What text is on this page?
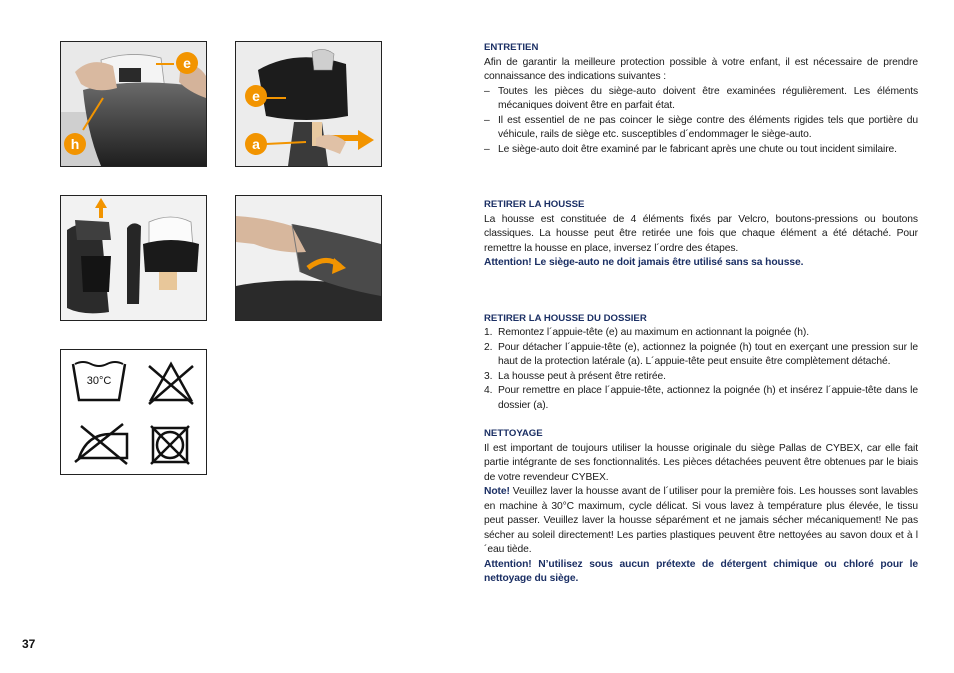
e
h
e
a
30°C
ENTRETIEN

Afin de garantir la meilleure protection possible à votre enfant, il est nécessaire de prendre connaissance des indications suivantes :

– Toutes les pièces du siège-auto doivent être examinées régulièrement. Les éléments mécaniques doivent être en parfait état.
– Il est essentiel de ne pas coincer le siège contre des éléments rigides tels que portière du véhicule, rails de siège etc. susceptibles d´endommager le siège-auto.
– Le siège-auto doit être examiné par le fabricant après une chute ou tout incident similaire.
RETIRER LA HOUSSE

La housse est constituée de 4 éléments fixés par Velcro, boutons-pressions ou boutons classiques. La housse peut être retirée une fois que chaque élément a été détaché. Pour remettre la housse en place, inversez l´ordre des étapes.

Attention! Le siège-auto ne doit jamais être utilisé sans sa housse.

RETIRER LA HOUSSE DU DOSSIER
1. Remontez l´appuie-tête (e) au maximum en actionnant la poignée (h).
2. Pour détacher l´appuie-tête (e), actionnez la poignée (h) tout en exerçant une pression sur le haut de la protection latérale (a). L´appuie-tête peut ensuite être complètement détaché.
3. La housse peut à présent être retirée.
4. Pour remettre en place l´appuie-tête, actionnez la poignée (h) et insérez l´appuie-tête dans le dossier (a).
NETTOYAGE

Il est important de toujours utiliser la housse originale du siège Pallas de CYBEX, car elle fait partie intégrante de ses fonctionnalités. Les pièces détachées peuvent être obtenues par le biais de votre revendeur CYBEX.

Note! Veuillez laver la housse avant de l´utiliser pour la première fois. Les housses sont lavables en machine à 30°C maximum, cycle délicat. Si vous lavez à température plus élevée, le tissu peut passer. Veuillez laver la housse séparément et ne jamais sécher mécaniquement! Ne pas sécher au soleil directement! Les parties plastiques peuvent être nettoyées au savon doux et à l´eau tiède.

Attention! N’utilisez sous aucun prétexte de détergent chimique ou chloré pour le nettoyage du siège.

37
